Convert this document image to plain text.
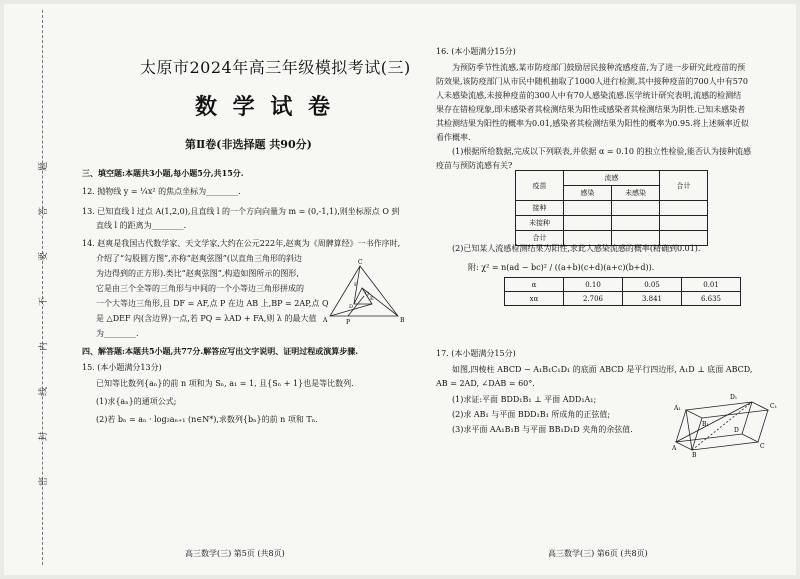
题
答
要
不
内
线
封
密
太原市2024年高三年级模拟考试(三)
数 学 试 卷
第Ⅱ卷(非选择题 共90分)
三、填空题:本题共3小题,每小题5分,共15分.
12. 抛物线 y = ¼x² 的焦点坐标为________.
13. 已知直线 l 过点 A(1,2,0),且直线 l 的一个方向向量为 m = (0,-1,1),则坐标原点 O 到
直线 l 的距离为________.
14. 赵爽是我国古代数学家、天文学家,大约在公元222年,赵爽为《周髀算经》一书作序时,
介绍了“勾股圆方图”,亦称“赵爽弦图”(以直角三角形的斜边
为边得到的正方形).类比“赵爽弦图”,构造如图所示的图形,
它是由三个全等的三角形与中间的一个小等边三角形拼成的
一个大等边三角形,且 DF = AF,点 P 在边 AB 上,BP = 2AP,点 Q
是 △DEF 内(含边界)一点,若 PQ = λAD + FA,则 λ 的最大值
为________.
四、解答题:本题共5小题,共77分.解答应写出文字说明、证明过程或演算步骤.
15. (本小题满分13分)
已知等比数列{aₙ}的前 n 项和为 Sₙ, a₁ = 1, 且{Sₙ + 1}也是等比数列.
(1)求{aₙ}的通项公式;
(2)若 bₙ = aₙ · log₂aₙ₊₁ (n∈N*),求数列{bₙ}的前 n 项和 Tₙ.
C
F
E
D
Q
A	P	B
高三数学(三) 第5页 (共8页)
16. (本小题满分15分)
为预防季节性流感,某市防疫部门鼓励居民接种流感疫苗,为了进一步研究此疫苗的预
防效果,该防疫部门从市民中随机抽取了1000人进行检测,其中接种疫苗的700人中有570
人未感染流感,未接种疫苗的300人中有70人感染流感.医学统计研究表明,流感的检测结
果存在错检现象,即未感染者其检测结果为阳性或感染者其检测结果为阴性.已知未感染者
其检测结果为阳性的概率为0.01,感染者其检测结果为阳性的概率为0.95.将上述频率近似
看作概率.
(1)根据所给数据,完成以下列联表,并依据 α = 0.10 的独立性检验,能否认为接种流感
疫苗与预防流感有关?
疫苗	流感		合计
	感染	未感染	
接种			
未接种			
合计			
(2)已知某人流感检测结果为阳性,求此人感染流感的概率(精确到0.01).
附: χ² = n(ad − bc)² / ((a+b)(c+d)(a+c)(b+d)).
α	0.10	0.05	0.01
xα	2.706	3.841	6.635
17. (本小题满分15分)
如图,四棱柱 ABCD − A₁B₁C₁D₁ 的底面 ABCD 是平行四边形, A₁D ⊥ 底面 ABCD,
AB = 2AD, ∠DAB = 60°.
(1)求证:平面 BDD₁B₁ ⊥ 平面 ADD₁A₁;
(2)求 AB₁ 与平面 BDD₁B₁ 所成角的正弦值;
(3)求平面 AA₁B₁B 与平面 BB₁D₁D 夹角的余弦值.
D₁
C₁
A₁
B₁
D
C
A
B
高三数学(三) 第6页 (共8页)
